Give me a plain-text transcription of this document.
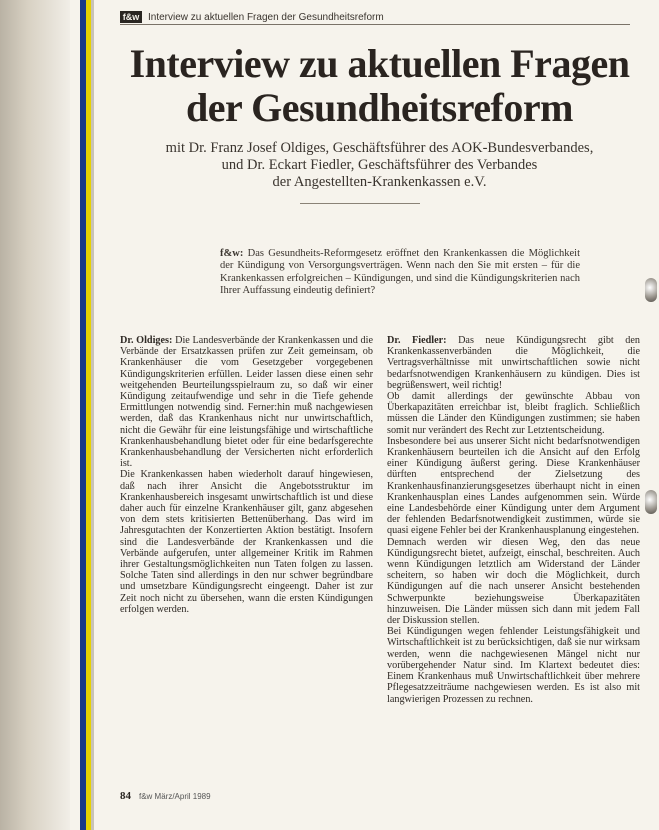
f&w Interview zu aktuellen Fragen der Gesundheitsreform
Interview zu aktuellen Fragen
der Gesundheitsreform
mit Dr. Franz Josef Oldiges, Geschäftsführer des AOK-Bundesverbandes,
und Dr. Eckart Fiedler, Geschäftsführer des Verbandes
der Angestellten-Krankenkassen e.V.
f&w: Das Gesundheits-Reformgesetz eröffnet den Krankenkassen die Möglichkeit der Kündigung von Versorgungsverträgen. Wenn nach den Sie mit ersten – für die Krankenkassen erfolgreichen – Kündigungen, und sind die Kündigungskriterien nach Ihrer Auffassung eindeutig definiert?

Dr. Oldiges: Die Landesverbände der Krankenkassen und die Verbände der Ersatzkassen prüfen zur Zeit gemeinsam, ob Krankenhäuser die vom Gesetzgeber vorgegebenen Kündigungskriterien erfüllen. Leider lassen diese einen sehr weitgehenden Beurteilungsspielraum zu, so daß wir einer Kündigung zeitaufwendige und sehr in die Tiefe gehende Ermittlungen notwendig sind. Ferner:hin muß nachgewiesen werden, daß das Krankenhaus nicht nur unwirtschaftlich, nicht die Gewähr für eine leistungsfähige und wirtschaftliche Krankenhausbehandlung bietet oder für eine bedarfsgerechte Krankenhausbehandlung der Versicherten nicht erforderlich ist.

Die Krankenkassen haben wiederholt darauf hingewiesen, daß nach ihrer Ansicht die Angebotsstruktur im Krankenhausbereich insgesamt unwirtschaftlich ist und diese daher auch für einzelne Krankenhäuser gilt, ganz abgesehen von dem stets kritisierten Bettenüberhang. Das wird im Jahresgutachten der Konzertierten Aktion bestätigt. Insofern sind die Landesverbände der Krankenkassen und die Verbände aufgerufen, unter allgemeiner Kritik im Rahmen ihrer Gestaltungsmöglichkeiten nun Taten folgen zu lassen. Solche Taten sind allerdings in den nur schwer begründbare und umsetzbare Kündigungsrecht eingeengt. Daher ist zur Zeit noch nicht zu übersehen, wann die ersten Kündigungen erfolgen werden.

Dr. Fiedler: Das neue Kündigungsrecht gibt den Krankenkassenverbänden die Möglichkeit, die Vertragsverhältnisse mit unwirtschaftlichen sowie nicht bedarfsnotwendigen Krankenhäusern zu kündigen. Dies ist begrüßenswert, weil richtig!

Ob damit allerdings der gewünschte Abbau von Überkapazitäten erreichbar ist, bleibt fraglich. Schließlich müssen die Länder den Kündigungen zustimmen; sie haben somit nur verändert des Recht zur Letztentscheidung.

Insbesondere bei aus unserer Sicht nicht bedarfsnotwendigen Krankenhäusern beurteilen ich die Ansicht auf den Erfolg einer Kündigung äußerst gering. Diese Krankenhäuser dürften entsprechend der Zielsetzung des Krankenhausfinanzierungsgesetzes überhaupt nicht in einen Krankenhausplan eines Landes aufgenommen sein. Würde eine Landesbehörde einer Kündigung unter dem Argument der fehlenden Bedarfsnotwendigkeit zustimmen, würde sie quasi eigene Fehler bei der Krankenhausplanung eingestehen.

Demnach werden wir diesen Weg, den das neue Kündigungsrecht bietet, aufzeigt, einschal, beschreiten. Auch wenn Kündigungen letztlich am Widerstand der Länder scheitern, so haben wir doch die Möglichkeit, durch Kündigungen auf die nach unserer Ansicht bestehenden Schwerpunkte beziehungsweise Überkapazitäten hinzuweisen. Die Länder müssen sich dann mit jedem Fall der Diskussion stellen.

Bei Kündigungen wegen fehlender Leistungsfähigkeit und Wirtschaftlichkeit ist zu berücksichtigen, daß sie nur wirksam werden, wenn die nachgewiesenen Mängel nicht nur vorübergehender Natur sind. Im Klartext bedeutet dies: Einem Krankenhaus muß Unwirtschaftlichkeit über mehrere Pflegesatzzeiträume nachgewiesen werden. Es ist also mit langwierigen Prozessen zu rechnen.

84 f&w März/April 1989
